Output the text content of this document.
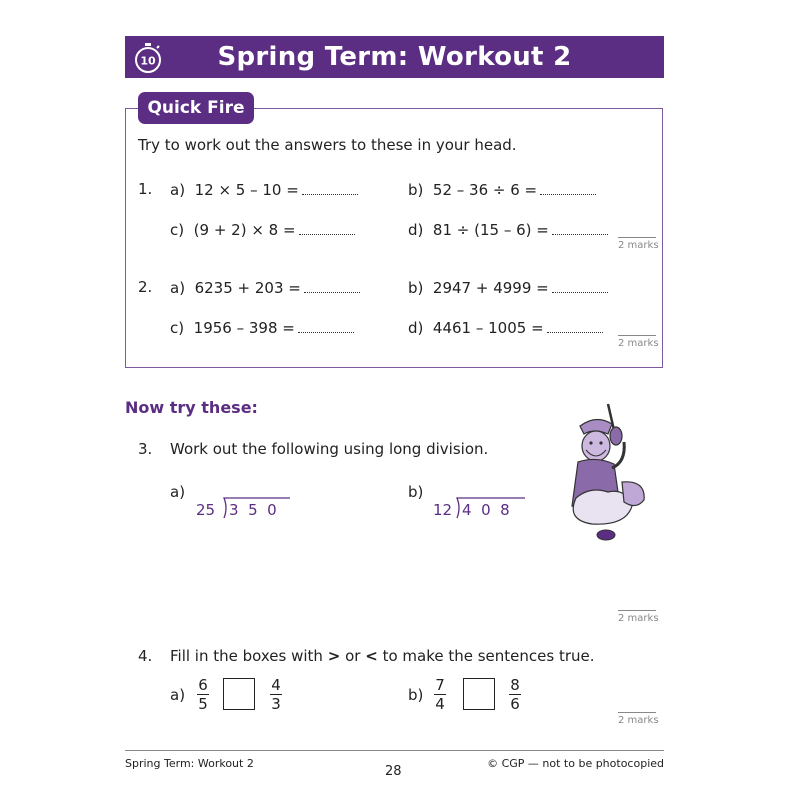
Spring Term: Workout 2
10
Quick Fire
Try to work out the answers to these in your head.
1. a) 12 × 5 – 10 =	b) 52 – 36 ÷ 6 =
c) (9 + 2) × 8 =	d) 81 ÷ (15 – 6) =
2 marks
2. a) 6235 + 203 =	b) 2947 + 4999 =
c) 1956 – 398 =	d) 4461 – 1005 =
2 marks
Now try these:
3. Work out the following using long division.
a)
25 3  5  0
b)
12 4  0  8
2 marks
4. Fill in the boxes with > or < to make the sentences true.
a)
6
5
4
3	b)
7
4
8
6
2 marks
Spring Term: Workout 2
28
© CGP — not to be photocopied
